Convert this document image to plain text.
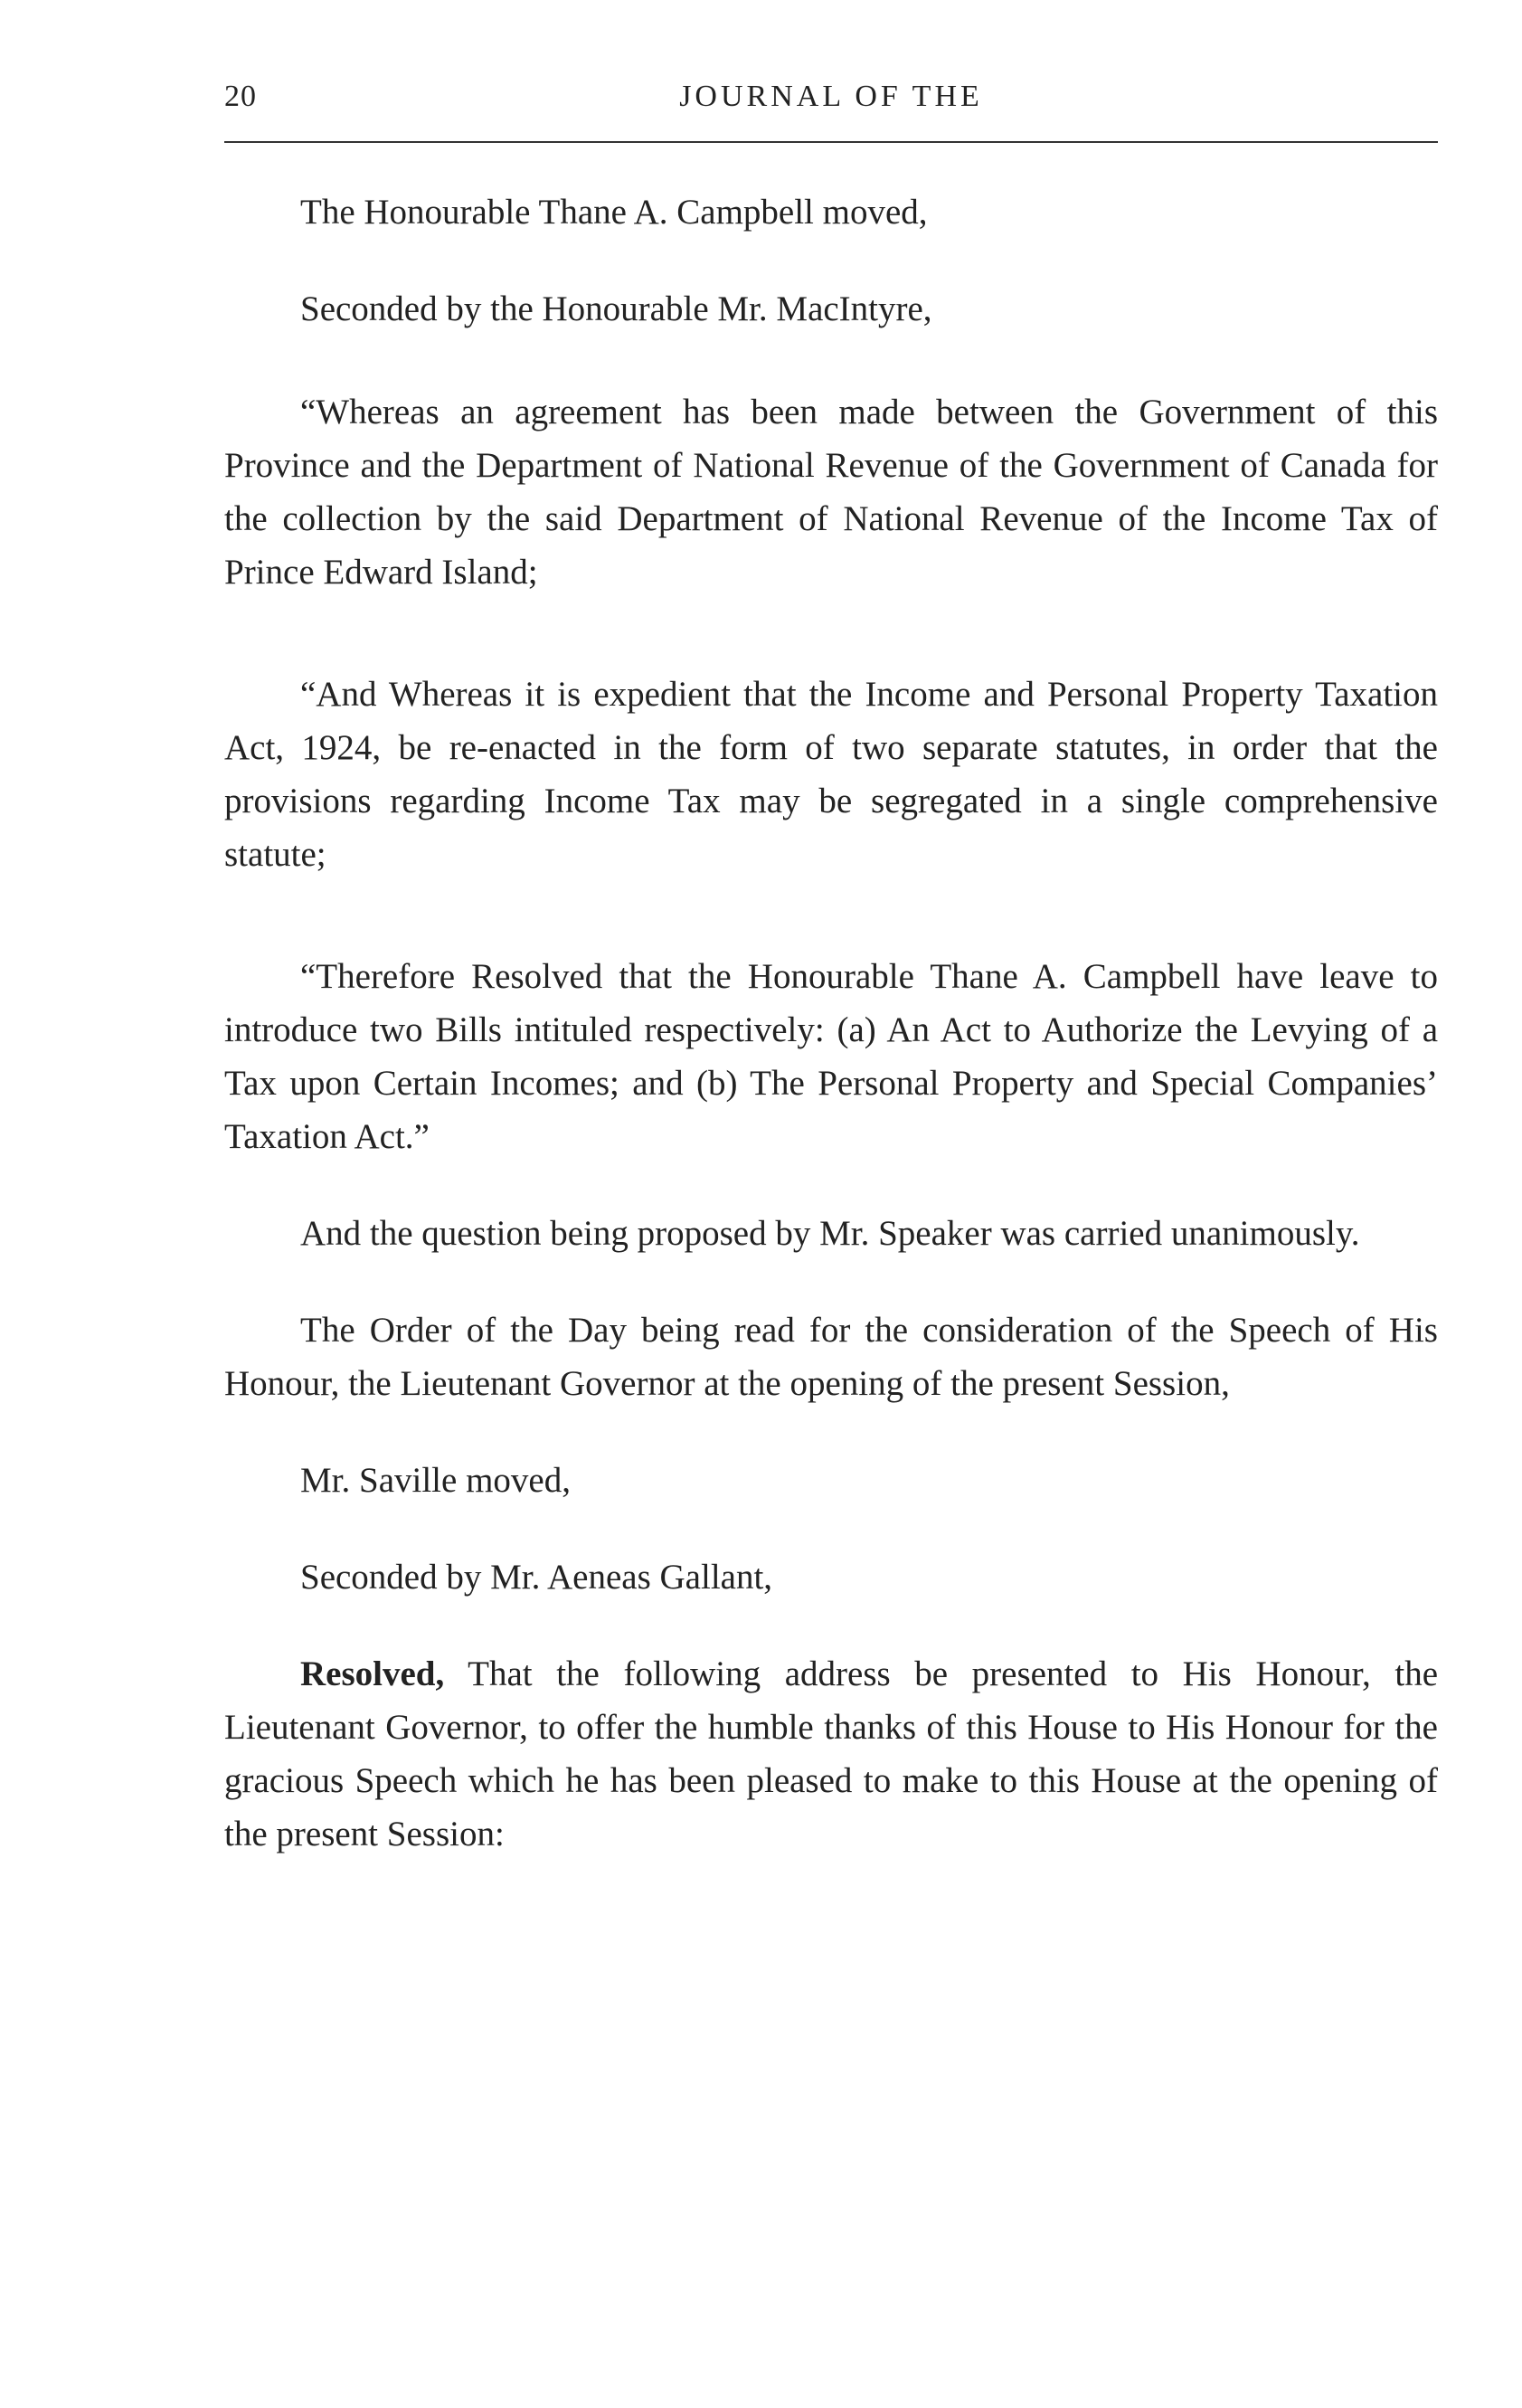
20	JOURNAL OF THE

The Honourable Thane A. Campbell moved,

Seconded by the Honourable Mr. MacIntyre,

“Whereas an agreement has been made between the Government of this Province and the Department of National Revenue of the Government of Canada for the collection by the said Department of National Revenue of the Income Tax of Prince Edward Island;

“And Whereas it is expedient that the Income and Personal Property Taxation Act, 1924, be re-enacted in the form of two separate statutes, in order that the provisions regarding Income Tax may be segregated in a single comprehensive statute;

“Therefore Resolved that the Honourable Thane A. Campbell have leave to introduce two Bills intituled respectively: (a) An Act to Authorize the Levying of a Tax upon Certain Incomes; and (b) The Personal Property and Special Companies’ Taxation Act.”

And the question being proposed by Mr. Speaker was carried unanimously.

The Order of the Day being read for the consideration of the Speech of His Honour, the Lieutenant Governor at the opening of the present Session,

Mr. Saville moved,

Seconded by Mr. Aeneas Gallant,

Resolved, That the following address be presented to His Honour, the Lieutenant Governor, to offer the humble thanks of this House to His Honour for the gracious Speech which he has been pleased to make to this House at the opening of the present Session:
